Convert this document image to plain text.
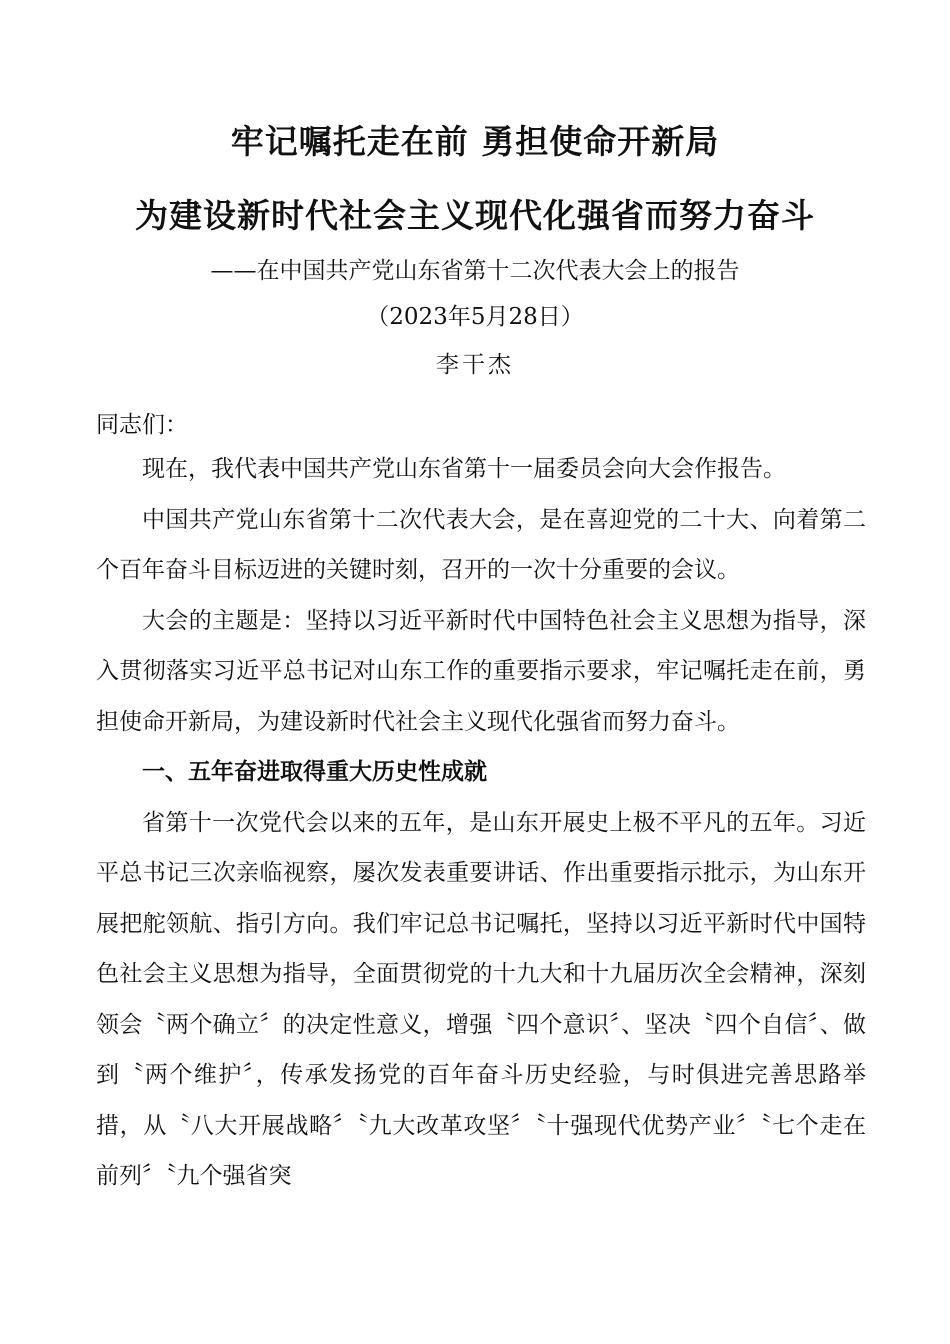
牢记嘱托走在前 勇担使命开新局
为建设新时代社会主义现代化强省而努力奋斗
——在中国共产党山东省第十二次代表大会上的报告
（2023年5月28日）
李干杰
同志们：

现在，我代表中国共产党山东省第十一届委员会向大会作报告。

中国共产党山东省第十二次代表大会，是在喜迎党的二十大、向着第二个百年奋斗目标迈进的关键时刻，召开的一次十分重要的会议。

大会的主题是：坚持以习近平新时代中国特色社会主义思想为指导，深入贯彻落实习近平总书记对山东工作的重要指示要求，牢记嘱托走在前，勇担使命开新局，为建设新时代社会主义现代化强省而努力奋斗。

一、五年奋进取得重大历史性成就

省第十一次党代会以来的五年，是山东开展史上极不平凡的五年。习近平总书记三次亲临视察，屡次发表重要讲话、作出重要指示批示，为山东开展把舵领航、指引方向。我们牢记总书记嘱托，坚持以习近平新时代中国特色社会主义思想为指导，全面贯彻党的十九大和十九届历次全会精神，深刻领会〝两个确立〞的决定性意义，增强〝四个意识〞、坚决〝四个自信〞、做到〝两个维护〞，传承发扬党的百年奋斗历史经验，与时俱进完善思路举措，从〝八大开展战略〞〝九大改革攻坚〞〝十强现代优势产业〞〝七个走在前列〞〝九个强省突
